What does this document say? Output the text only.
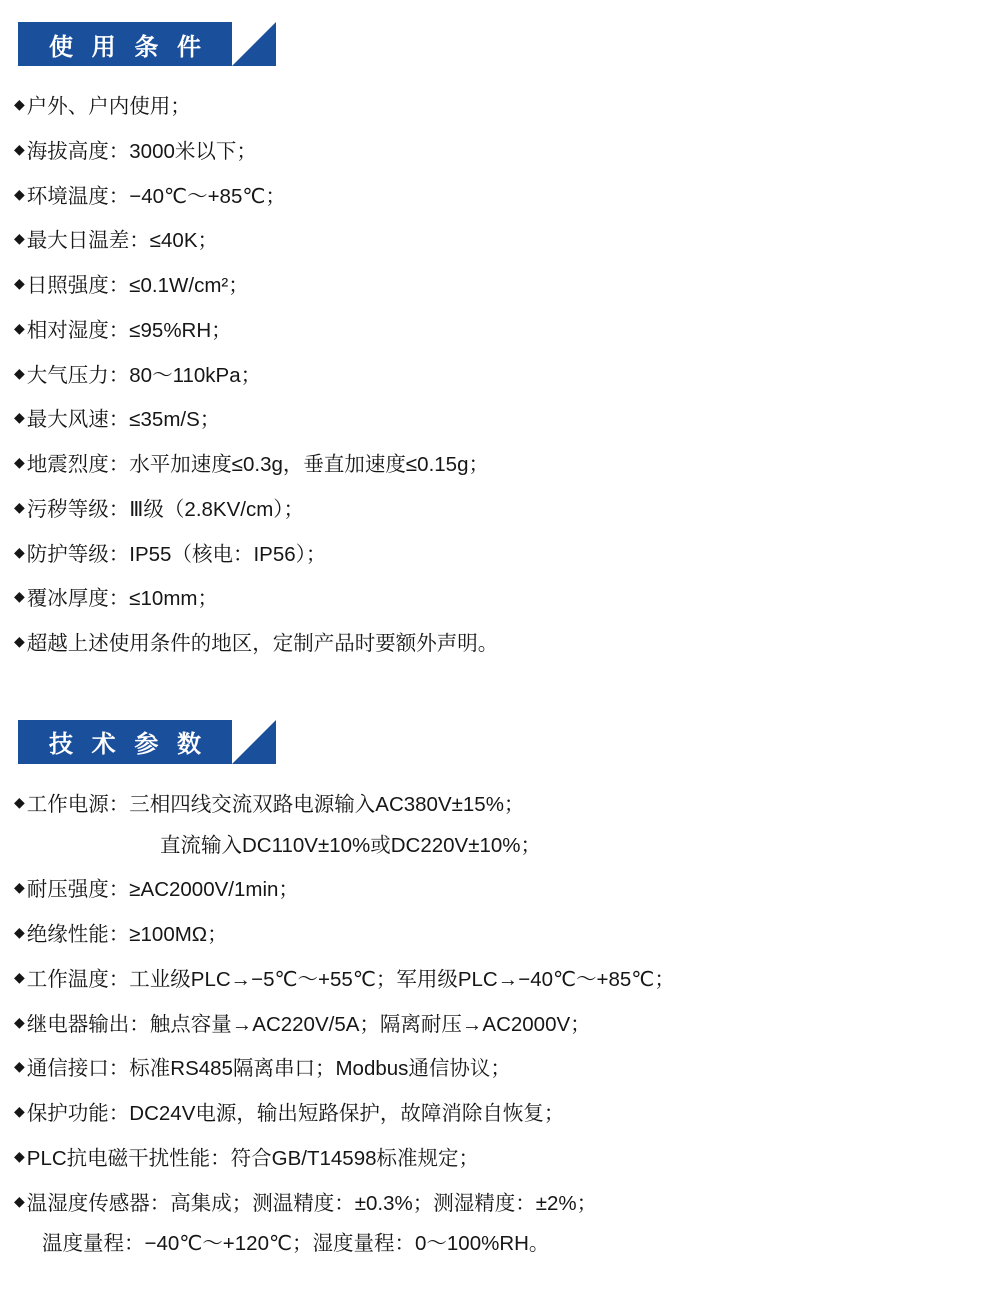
使 用 条 件
◆ 户外、户内使用；
◆ 海拔高度：3000米以下；
◆ 环境温度：−40℃～+85℃；
◆ 最大日温差：≤40K；
◆ 日照强度：≤0.1W/cm²；
◆ 相对湿度：≤95%RH；
◆ 大气压力：80～110kPa；
◆ 最大风速：≤35m/S；
◆ 地震烈度：水平加速度≤0.3g，垂直加速度≤0.15g；
◆ 污秽等级：Ⅲ级（2.8KV/cm）；
◆ 防护等级：IP55（核电：IP56）；
◆ 覆冰厚度：≤10mm；
◆ 超越上述使用条件的地区，定制产品时要额外声明。
技 术 参 数
◆ 工作电源：三相四线交流双路电源输入AC380V±15%；
直流输入DC110V±10%或DC220V±10%；
◆ 耐压强度：≥AC2000V/1min；
◆ 绝缘性能：≥100MΩ；
◆ 工作温度：工业级PLC→−5℃～+55℃；军用级PLC→−40℃～+85℃；
◆ 继电器输出：触点容量→AC220V/5A；隔离耐压→AC2000V；
◆ 通信接口：标准RS485隔离串口；Modbus通信协议；
◆ 保护功能：DC24V电源，输出短路保护，故障消除自恢复；
◆ PLC抗电磁干扰性能：符合GB/T14598标准规定；
◆ 温湿度传感器：高集成；测温精度：±0.3%；测湿精度：±2%；
温度量程：−40℃～+120℃；湿度量程：0～100%RH。
